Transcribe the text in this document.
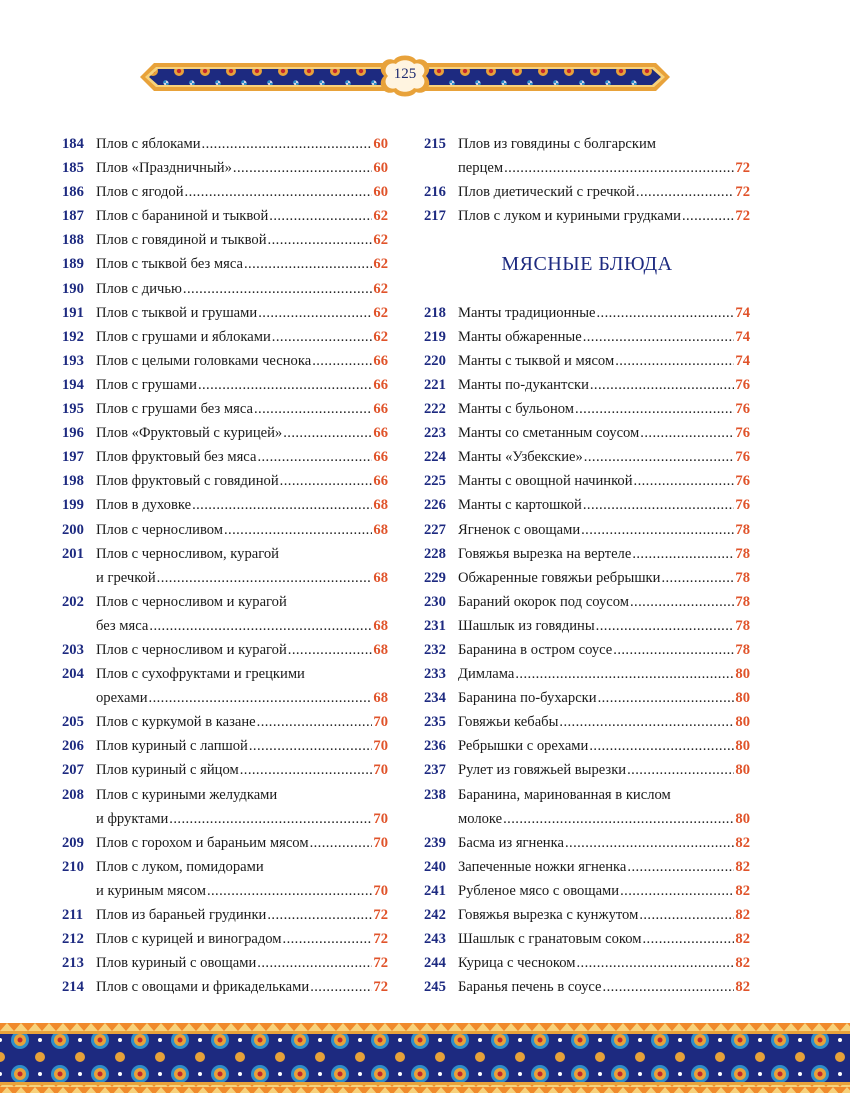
125
184 Плов с яблоками .....	60
185 Плов «Праздничный» .....	60
186 Плов с ягодой .....	60
187 Плов с бараниной и тыквой .....	62
188 Плов с говядиной и тыквой .....	62
189 Плов с тыквой без мяса .....	62
190 Плов с дичью .....	62
191 Плов с тыквой и грушами .....	62
192 Плов с грушами и яблоками .....	62
193 Плов с целыми головками чеснока .....	66
194 Плов с грушами .....	66
195 Плов с грушами без мяса .....	66
196 Плов «Фруктовый с курицей» .....	66
197 Плов фруктовый без мяса .....	66
198 Плов фруктовый с говядиной .....	66
199 Плов в духовке .....	68
200 Плов с черносливом .....	68
201 Плов с черносливом, курагой
и гречкой .....	68
202 Плов с черносливом и курагой
без мяса .....	68
203 Плов с черносливом и курагой .....	68
204 Плов с сухофруктами и грецкими
орехами .....	68
205 Плов с куркумой в казане .....	70
206 Плов куриный с лапшой .....	70
207 Плов куриный с яйцом .....	70
208 Плов с куриными желудками
и фруктами .....	70
209 Плов с горохом и бараньим мясом .....	70
210 Плов с луком, помидорами
и куриным мясом .....	70
211 Плов из бараньей грудинки .....	72
212 Плов с курицей и виноградом .....	72
213 Плов куриный с овощами .....	72
214 Плов с овощами и фрикадельками .....	72
215 Плов из говядины с болгарским
перцем .....	72
216 Плов диетический с гречкой .....	72
217 Плов с луком и куриными грудками .....	72
МЯСНЫЕ БЛЮДА
218 Манты традиционные .....	74
219 Манты обжаренные .....	74
220 Манты с тыквой и мясом .....	74
221 Манты по-дукантски .....	76
222 Манты с бульоном .....	76
223 Манты со сметанным соусом .....	76
224 Манты «Узбекские» .....	76
225 Манты с овощной начинкой .....	76
226 Манты с картошкой .....	76
227 Ягненок с овощами .....	78
228 Говяжья вырезка на вертеле .....	78
229 Обжаренные говяжьи ребрышки .....	78
230 Бараний окорок под соусом .....	78
231 Шашлык из говядины .....	78
232 Баранина в остром соусе .....	78
233 Димлама .....	80
234 Баранина по-бухарски .....	80
235 Говяжьи кебабы .....	80
236 Ребрышки с орехами .....	80
237 Рулет из говяжьей вырезки .....	80
238 Баранина, маринованная в кислом
молоке .....	80
239 Басма из ягненка .....	82
240 Запеченные ножки ягненка .....	82
241 Рубленое мясо с овощами .....	82
242 Говяжья вырезка с кунжутом .....	82
243 Шашлык с гранатовым соком .....	82
244 Курица с чесноком .....	82
245 Баранья печень в соусе .....	82
